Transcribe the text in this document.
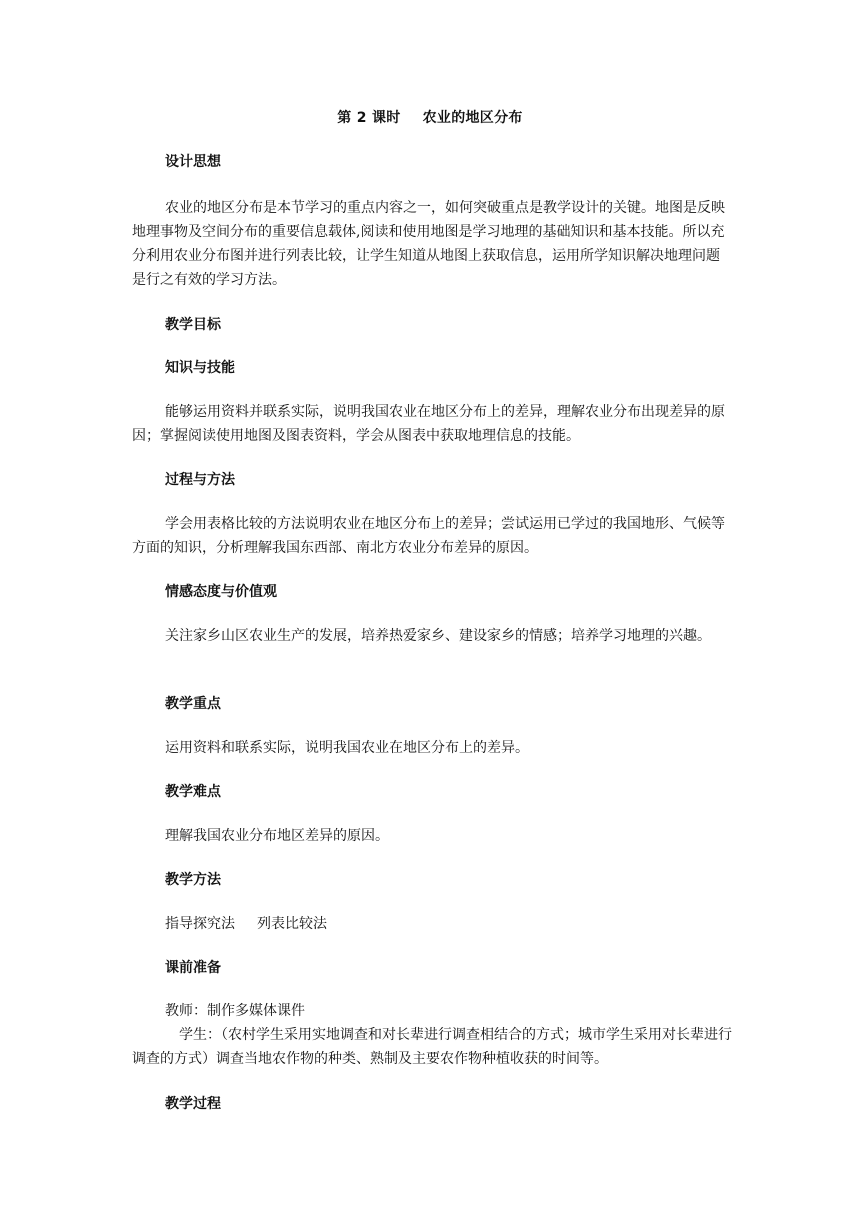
第 2 课时 农业的地区分布
设计思想
农业的地区分布是本节学习的重点内容之一，如何突破重点是教学设计的关键。地图是反映地理事物及空间分布的重要信息载体,阅读和使用地图是学习地理的基础知识和基本技能。所以充分利用农业分布图并进行列表比较，让学生知道从地图上获取信息，运用所学知识解决地理问题是行之有效的学习方法。
教学目标
知识与技能
能够运用资料并联系实际，说明我国农业在地区分布上的差异，理解农业分布出现差异的原因；掌握阅读使用地图及图表资料，学会从图表中获取地理信息的技能。
过程与方法
学会用表格比较的方法说明农业在地区分布上的差异；尝试运用已学过的我国地形、气候等方面的知识，分析理解我国东西部、南北方农业分布差异的原因。
情感态度与价值观
关注家乡山区农业生产的发展，培养热爱家乡、建设家乡的情感；培养学习地理的兴趣。
教学重点
运用资料和联系实际，说明我国农业在地区分布上的差异。
教学难点
理解我国农业分布地区差异的原因。
教学方法
指导探究法 列表比较法
课前准备
教师：制作多媒体课件
学生：（农村学生采用实地调查和对长辈进行调查相结合的方式；城市学生采用对长辈进行调查的方式）调查当地农作物的种类、熟制及主要农作物种植收获的时间等。
教学过程
